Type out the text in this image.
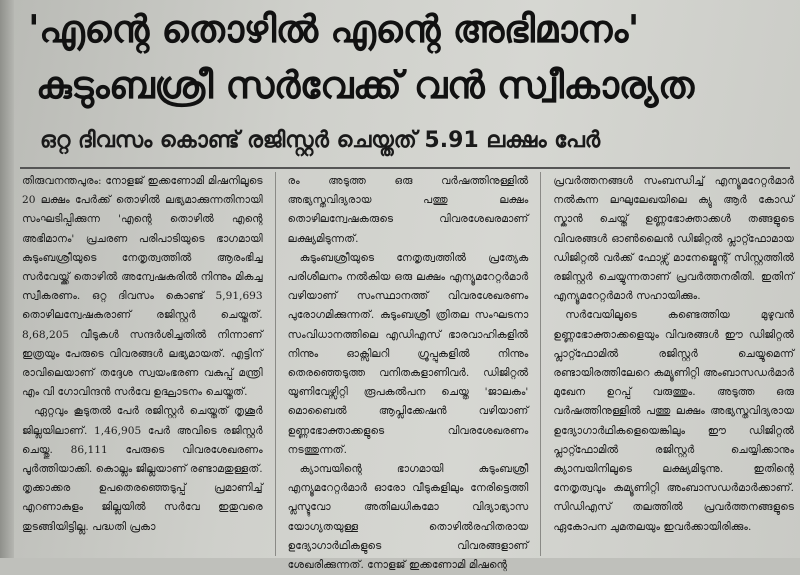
'എന്റെ തൊഴിൽ എന്റെ അഭിമാനം'
കുടുംബശ്രീ സർവേക്ക് വൻ സ്വീകാര്യത
ഒറ്റ ദിവസം കൊണ്ട് രജിസ്റ്റർ ചെയ്തത് 5.91 ലക്ഷം പേർ

തിരുവനന്തപുരം: നോളജ് ഇക്കണോമി മിഷനിലൂടെ 20 ലക്ഷം പേർക്ക് തൊഴിൽ ലഭ്യമാക്കുന്നതിനായി സംഘടിപ്പിക്കുന്ന 'എന്റെ തൊഴിൽ എന്റെ അഭിമാനം' പ്രചരണ പരിപാടിയുടെ ഭാഗമായി കുടുംബശ്രീയുടെ നേതൃത്വത്തിൽ ആരംഭിച്ച സർവേയ്ക്ക് തൊഴിൽ അന്വേഷകരിൽ നിന്നും മികച്ച സ്വീകരണം. ഒറ്റ ദിവസം കൊണ്ട് 5,91,693 തൊഴിലന്വേഷകരാണ് രജിസ്റ്റർ ചെയ്തത്. 8,68,205 വീടുകൾ സന്ദർശിച്ചതിൽ നിന്നാണ് ഇത്രയും പേരുടെ വിവരങ്ങൾ ലഭ്യമായത്. എട്ടിന് രാവിലെയാണ് തദ്ദേശ സ്വയംഭരണ വകുപ്പ് മന്ത്രി എം വി ഗോവിന്ദൻ സർവേ ഉദ്ഘാടനം ചെയ്തത്.

ഏറ്റവും കൂടുതൽ പേർ രജിസ്റ്റർ ചെയ്തത് തൃശൂർ ജില്ലയിലാണ്. 1,46,905 പേർ അവിടെ രജിസ്റ്റർ ചെയ്തു. 86,111 പേരുടെ വിവരശേഖരണം പൂർത്തിയാക്കി. കൊല്ലം ജില്ലയാണ് രണ്ടാമതുള്ളത്. തൃക്കാക്കര ഉപതെരഞ്ഞെടുപ്പ് പ്രമാണിച്ച് എറണാകുളം ജില്ലയിൽ സർവേ ഇതുവരെ തുടങ്ങിയിട്ടില്ല. പദ്ധതി പ്രകാ

രം അടുത്ത ഒരു വർഷത്തിനുള്ളിൽ അഭ്യസ്തവിദ്യരായ പത്തു ലക്ഷം തൊഴിലന്വേഷകരുടെ വിവരശേഖരമാണ് ലക്ഷ്യമിടുന്നത്.

കുടുംബശ്രീയുടെ നേതൃത്വത്തിൽ പ്രത്യേക പരിശീലനം നൽകിയ ഒരു ലക്ഷം എന്യൂമറേറ്റർമാർ വഴിയാണ് സംസ്ഥാനത്ത് വിവരശേഖരണം പുരോഗമിക്കുന്നത്. കുടുംബശ്രീ ത്രിതല സംഘടനാ സംവിധാനത്തിലെ എഡിഎസ് ഭാരവാഹികളിൽ നിന്നും ഓക്സിലറി ഗ്രൂപ്പുകളിൽ നിന്നും തെരഞ്ഞെടുത്ത വനിതകളാണിവർ. ഡിജിറ്റൽ യൂണിവേഴ്സിറ്റി രൂപകൽപന ചെയ്ത 'ജാലകം' മൊബൈൽ ആപ്ലിക്കേഷൻ വഴിയാണ് ഉണ്ണഭോക്താക്കളുടെ വിവരശേഖരണം നടത്തുന്നത്.

ക്യാമ്പയിന്റെ ഭാഗമായി കുടുംബശ്രീ എന്യൂമറേറ്റർമാർ ഓരോ വീടുകളിലും നേരിട്ടെത്തി പ്ലസ്ടുവോ അതിലധികമോ വിദ്യാഭ്യാസ യോഗ്യതയുള്ള തൊഴിൽരഹിതരായ ഉദ്യോഗാർഥികളുടെ വിവരങ്ങളാണ് ശേഖരിക്കുന്നത്. നോളജ് ഇക്കണോമി മിഷന്റെ

പ്രവർത്തനങ്ങൾ സംബന്ധിച്ച് എന്യൂമറേറ്റർമാർ നൽകുന്ന ലഘുലേഖയിലെ ക്യു ആർ കോഡ് സ്കാൻ ചെയ്ത് ഉണ്ണഭോക്താക്കൾ തങ്ങളുടെ വിവരങ്ങൾ ഓൺലൈൻ ഡിജിറ്റൽ പ്ലാറ്റ്ഫോമായ ഡിജിറ്റൽ വർക്ക് ഫോഴ്സ് മാനേജ്മെന്റ് സിസ്റ്റത്തിൽ രജിസ്റ്റർ ചെയ്യുന്നതാണ് പ്രവർത്തനരീതി. ഇതിന് എന്യൂമറേറ്റർമാർ സഹായിക്കും.

സർവേയിലൂടെ കണ്ടെത്തിയ മുഴുവൻ ഉണ്ണഭോക്താക്കളെയും വിവരങ്ങൾ ഈ ഡിജിറ്റൽ പ്ലാറ്റ്ഫോമിൽ രജിസ്റ്റർ ചെയ്യുമെന്ന് രണ്ടായിരത്തിലേറെ കമ്യൂണിറ്റി അംബാസഡർമാർ മുഖേന ഉറപ്പ് വരുത്തും. അടുത്ത ഒരു വർഷത്തിനുള്ളിൽ പത്തു ലക്ഷം അഭ്യസ്തവിദ്യരായ ഉദ്യോഗാർഥികളെയെങ്കിലും ഈ ഡിജിറ്റൽ പ്ലാറ്റ്ഫോമിൽ രജിസ്റ്റർ ചെയ്യിക്കാനും ക്യാമ്പയിനിലൂടെ ലക്ഷ്യമിടുന്നു. ഇതിന്റെ നേതൃത്വവും കമ്യൂണിറ്റി അംബാസഡർമാർക്കാണ്. സിഡിഎസ് തലത്തിൽ പ്രവർത്തനങ്ങളുടെ ഏകോപന ചുമതലയും ഇവർക്കായിരിക്കും.
